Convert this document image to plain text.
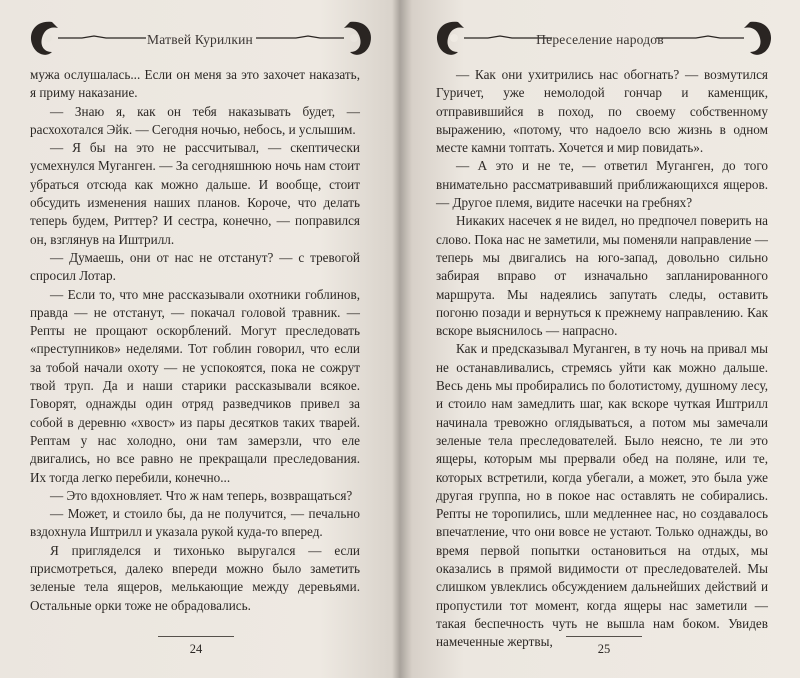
Матвей Курилкин

мужа ослушалась... Если он меня за это захочет наказать, я приму наказание.

— Знаю я, как он тебя наказывать будет, — расхохотался Эйк. — Сегодня ночью, небось, и услышим.

— Я бы на это не рассчитывал, — скептически усмехнулся Муганген. — За сегодняшнюю ночь нам стоит убраться отсюда как можно дальше. И вообще, стоит обсудить изменения наших планов. Короче, что делать теперь будем, Риттер? И сестра, конечно, — поправился он, взглянув на Иштрилл.

— Думаешь, они от нас не отстанут? — с тревогой спросил Лотар.

— Если то, что мне рассказывали охотники гоблинов, правда — не отстанут, — покачал головой травник. — Репты не прощают оскорблений. Могут преследовать «преступников» неделями. Тот гоблин говорил, что если за тобой начали охоту — не успокоятся, пока не сожрут твой труп. Да и наши старики рассказывали всякое. Говорят, однажды один отряд разведчиков привел за собой в деревню «хвост» из пары десятков таких тварей. Рептам у нас холодно, они там замерзли, что еле двигались, но все равно не прекращали преследования. Их тогда легко перебили, конечно...

— Это вдохновляет. Что ж нам теперь, возвращаться?

— Может, и стоило бы, да не получится, — печально вздохнула Иштрилл и указала рукой куда-то вперед.

Я пригляделся и тихонько выругался — если присмотреться, далеко впереди можно было заметить зеленые тела ящеров, мелькающие между деревьями. Остальные орки тоже не обрадовались.

24
Переселение народов

— Как они ухитрились нас обогнать? — возмутился Гуричет, уже немолодой гончар и каменщик, отправившийся в поход, по своему собственному выражению, «потому, что надоело всю жизнь в одном месте камни топтать. Хочется и мир повидать».

— А это и не те, — ответил Муганген, до того внимательно рассматривавший приближающихся ящеров. — Другое племя, видите насечки на гребнях?

Никаких насечек я не видел, но предпочел поверить на слово. Пока нас не заметили, мы поменяли направление — теперь мы двигались на юго-запад, довольно сильно забирая вправо от изначально запланированного маршрута. Мы надеялись запутать следы, оставить погоню позади и вернуться к прежнему направлению. Как вскоре выяснилось — напрасно.

Как и предсказывал Муганген, в ту ночь на привал мы не останавливались, стремясь уйти как можно дальше. Весь день мы пробирались по болотистому, душному лесу, и стоило нам замедлить шаг, как вскоре чуткая Иштрилл начинала тревожно оглядываться, а потом мы замечали зеленые тела преследователей. Было неясно, те ли это ящеры, которым мы прервали обед на поляне, или те, которых встретили, когда убегали, а может, это была уже другая группа, но в покое нас оставлять не собирались. Репты не торопились, шли медленнее нас, но создавалось впечатление, что они вовсе не устают. Только однажды, во время первой попытки остановиться на отдых, мы оказались в прямой видимости от преследователей. Мы слишком увлеклись обсуждением дальнейших действий и пропустили тот момент, когда ящеры нас заметили — такая беспечность чуть не вышла нам боком. Увидев намеченные жертвы,	25
